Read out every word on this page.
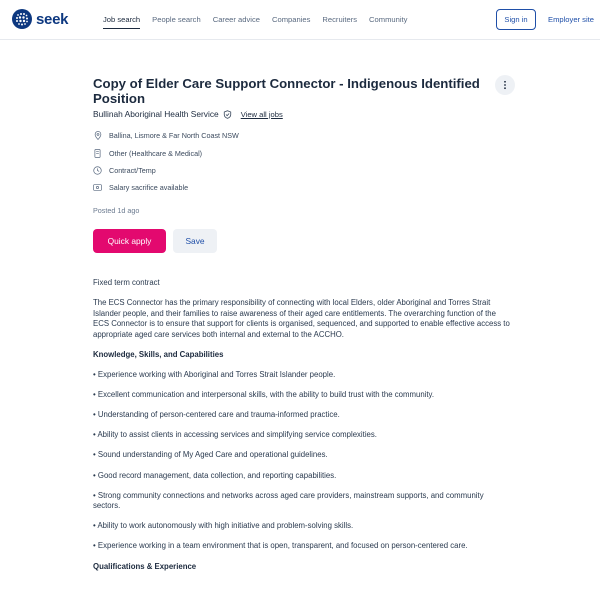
seek	Job search People search Career advice Companies Recruiters Community	Sign in	Employer site
Copy of Elder Care Support Connector - Indigenous Identified Position
Bullinah Aboriginal Health Service	View all jobs
Ballina, Lismore & Far North Coast NSW
Other (Healthcare & Medical)
Contract/Temp
Salary sacrifice available
Posted 1d ago
Quick apply	Save

Fixed term contract

The ECS Connector has the primary responsibility of connecting with local Elders, older Aboriginal and Torres Strait Islander people, and their families to raise awareness of their aged care entitlements. The overarching function of the ECS Connector is to ensure that support for clients is organised, sequenced, and supported to enable effective access to appropriate aged care services both internal and external to the ACCHO.

Knowledge, Skills, and Capabilities

• Experience working with Aboriginal and Torres Strait Islander people.

• Excellent communication and interpersonal skills, with the ability to build trust with the community.

• Understanding of person-centered care and trauma-informed practice.

• Ability to assist clients in accessing services and simplifying service complexities.

• Sound understanding of My Aged Care and operational guidelines.

• Good record management, data collection, and reporting capabilities.

• Strong community connections and networks across aged care providers, mainstream supports, and community sectors.

• Ability to work autonomously with high initiative and problem-solving skills.

• Experience working in a team environment that is open, transparent, and focused on person-centered care.

Qualifications & Experience
